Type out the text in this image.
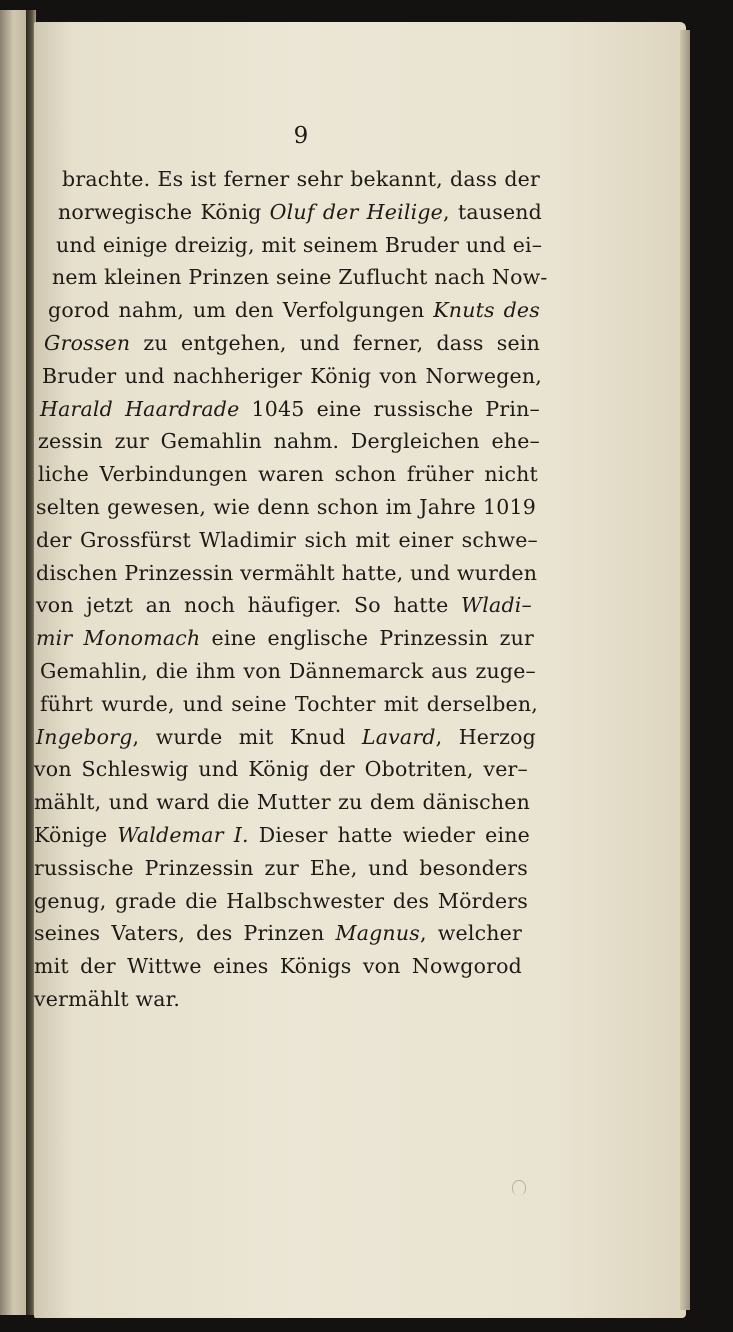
9
brachte. Es ist ferner sehr bekannt, dass der
norwegische König Oluf der Heilige, tausend
und einige dreizig, mit seinem Bruder und ei–
nem kleinen Prinzen seine Zuflucht nach Now-
gorod nahm, um den Verfolgungen Knuts des
Grossen zu entgehen, und ferner, dass sein
Bruder und nachheriger König von Norwegen,
Harald Haardrade 1045 eine russische Prin–
zessin zur Gemahlin nahm. Dergleichen ehe–
liche Verbindungen waren schon früher nicht
selten gewesen, wie denn schon im Jahre 1019
der Grossfürst Wladimir sich mit einer schwe–
dischen Prinzessin vermählt hatte, und wurden
von jetzt an noch häufiger. So hatte Wladi–
mir Monomach eine englische Prinzessin zur
Gemahlin, die ihm von Dännemarck aus zuge–
führt wurde, und seine Tochter mit derselben,
Ingeborg, wurde mit Knud Lavard, Herzog
von Schleswig und König der Obotriten, ver–
mählt, und ward die Mutter zu dem dänischen
Könige Waldemar I. Dieser hatte wieder eine
russische Prinzessin zur Ehe, und besonders
genug, grade die Halbschwester des Mörders
seines Vaters, des Prinzen Magnus, welcher
mit der Wittwe eines Königs von Nowgorod
vermählt war.
